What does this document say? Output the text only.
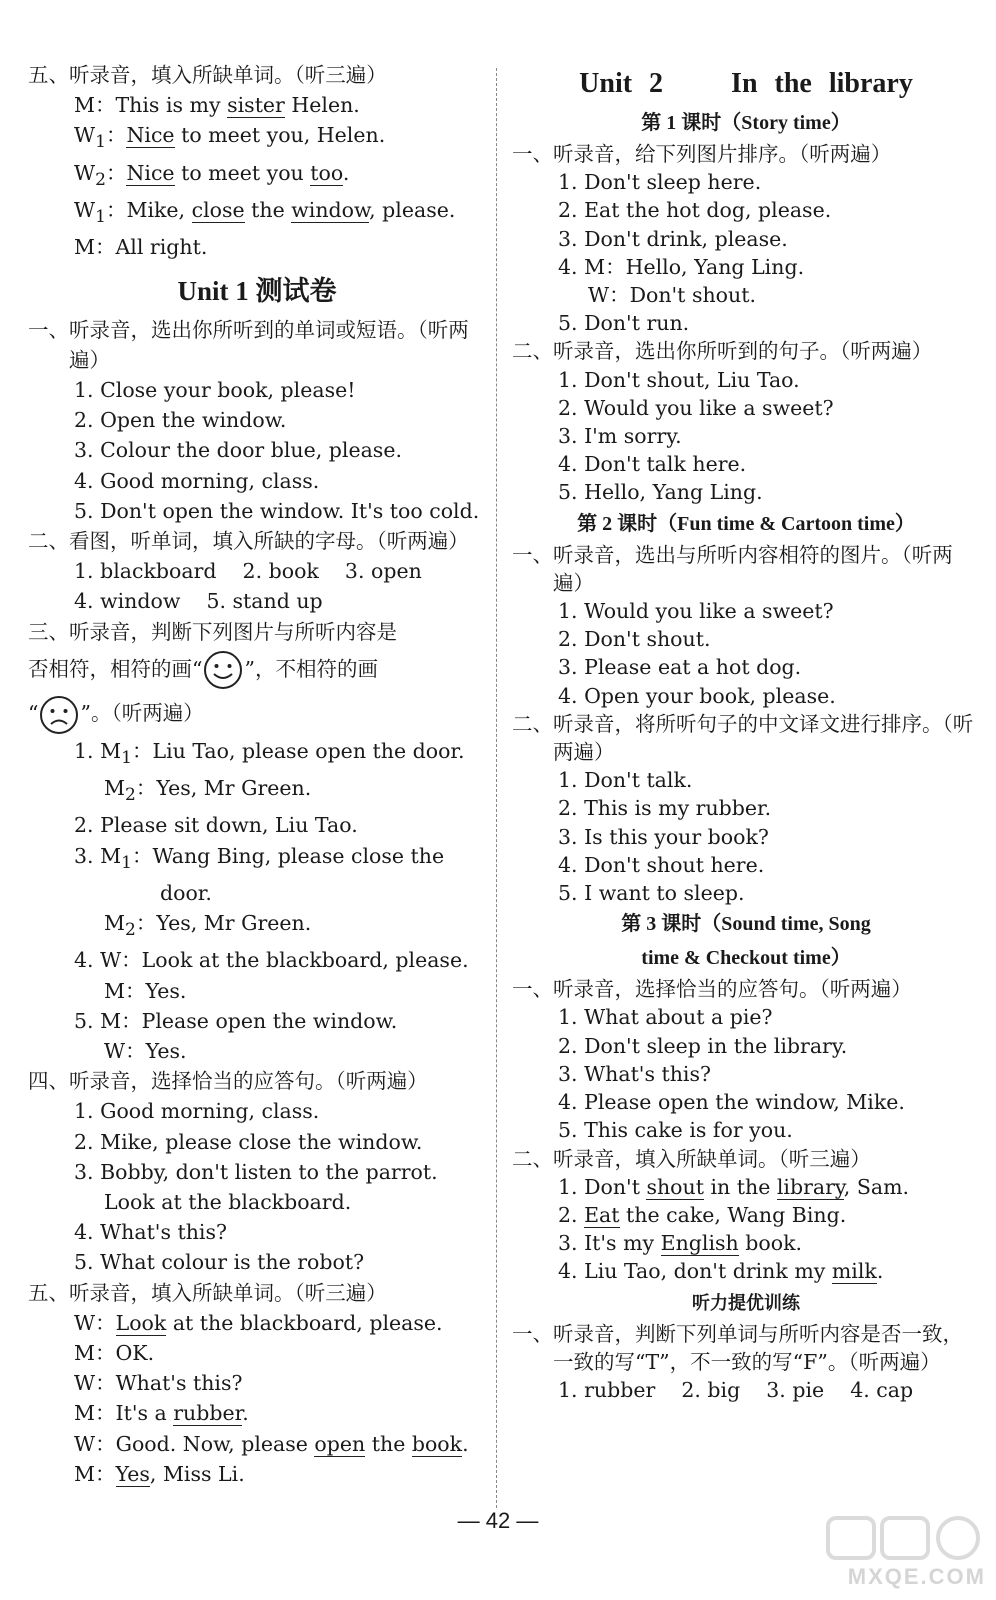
五、听录音，填入所缺单词。（听三遍）
M：This is my sister Helen.
$W_1$：Nice to meet you, Helen.
$W_2$：Nice to meet you too.
$W_1$：Mike, close the window, please.
M：All right.
Unit 1 测试卷
一、 听录音，选出你所听到的单词或短语。（听两遍）
1. Close your book, please!
2. Open the window.
3. Colour the door blue, please.
4. Good morning, class.
5. Don't open the window. It's too cold.
二、 看图，听单词，填入所缺的字母。（听两遍）
1. blackboard    2. book    3. open
4. window    5. stand up
三、听录音，判断下列图片与所听内容是
否相符，相符的画“ ”，不相符的画
“ ”。（听两遍）
1. $M_1$：Liu Tao, please open the door.
$M_2$：Yes, Mr Green.
2. Please sit down, Liu Tao.
3. $M_1$：Wang Bing, please close the
door.
$M_2$：Yes, Mr Green.
4. W：Look at the blackboard, please.
M：Yes.
5. M：Please open the window.
W：Yes.
四、听录音，选择恰当的应答句。（听两遍）
1. Good morning, class.
2. Mike, please close the window.
3. Bobby, don't listen to the parrot.
Look at the blackboard.
4. What's this?
5. What colour is the robot?
五、听录音，填入所缺单词。（听三遍）
W：Look at the blackboard, please.
M：OK.
W：What's this?
M：It's a rubber.
W：Good. Now, please open the book.
M：Yes, Miss Li.
Unit 2    In the library
第 1 课时（Story time）
一、 听录音，给下列图片排序。（听两遍）
1. Don't sleep here.
2. Eat the hot dog, please.
3. Don't drink, please.
4. M：Hello, Yang Ling.
W：Don't shout.
5. Don't run.
二、 听录音，选出你所听到的句子。（听两遍）
1. Don't shout, Liu Tao.
2. Would you like a sweet?
3. I'm sorry.
4. Don't talk here.
5. Hello, Yang Ling.
第 2 课时（Fun time & Cartoon time）
一、 听录音，选出与所听内容相符的图片。（听两遍）
1. Would you like a sweet?
2. Don't shout.
3. Please eat a hot dog.
4. Open your book, please.
二、 听录音，将所听句子的中文译文进行排序。（听两遍）
1. Don't talk.
2. This is my rubber.
3. Is this your book?
4. Don't shout here.
5. I want to sleep.
第 3 课时（Sound time, Song
time & Checkout time）
一、听录音，选择恰当的应答句。（听两遍）
1. What about a pie?
2. Don't sleep in the library.
3. What's this?
4. Please open the window, Mike.
5. This cake is for you.
二、听录音，填入所缺单词。（听三遍）
1. Don't shout in the library, Sam.
2. Eat the cake, Wang Bing.
3. It's my English book.
4. Liu Tao, don't drink my milk.
听力提优训练
一、 听录音，判断下列单词与所听内容是否一致，一致的写“T”，不一致的写“F”。（听两遍）
1. rubber    2. big    3. pie    4. cap
— 42 —
MXQE.COM
